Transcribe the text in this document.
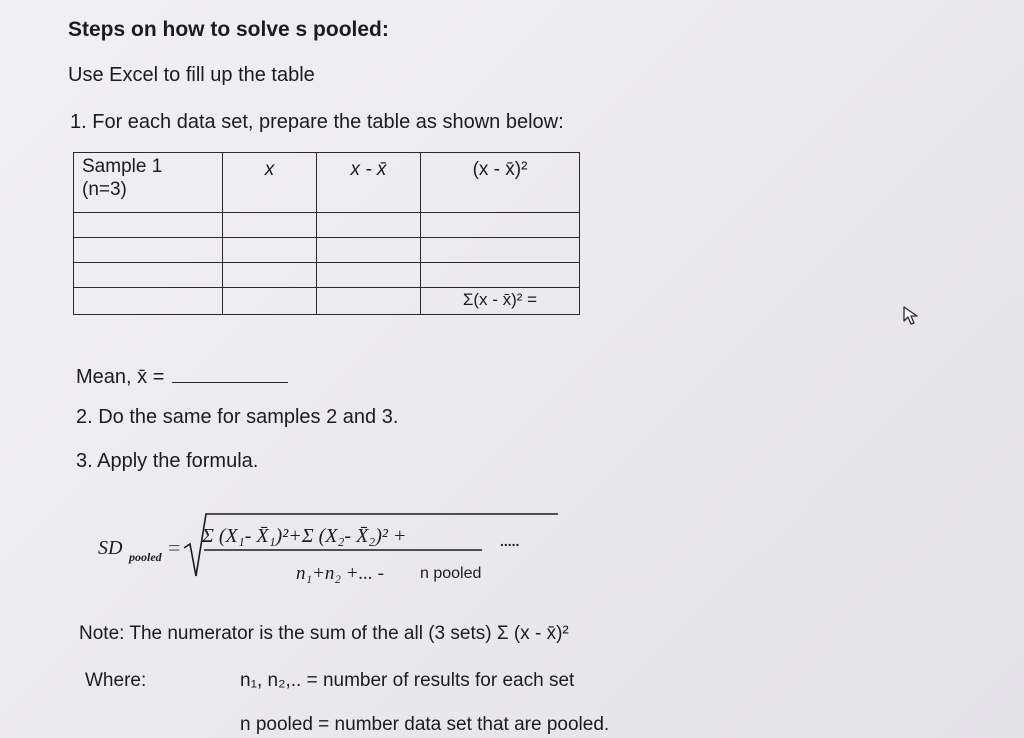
Steps on how to solve s pooled:
Use Excel to fill up the table
1. For each data set, prepare the table as shown below:
Sample 1
(n=3)	x	x - x̄	(x - x̄)²

			Σ(x - x̄)² =
Mean, x̄ =
2. Do the same for samples 2 and 3.
3. Apply the formula.
SD pooled = Σ (X₁- X̄₁)²+Σ (X₂- X̄₂)² +	.....
n₁+n₂ +... - n pooled
Note: The numerator is the sum of the all (3 sets) Σ (x - x̄)²
Where:	n₁, n₂,.. = number of results for each set
n pooled = number data set that are pooled.
